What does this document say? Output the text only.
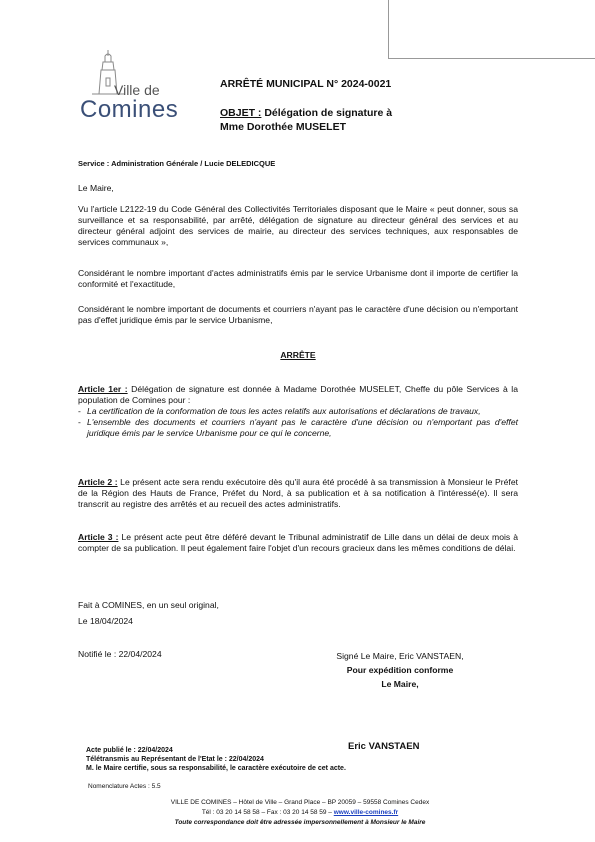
Ville de
Comines
ARRÊTÉ MUNICIPAL N° 2024-0021
OBJET : Délégation de signature à
Mme Dorothée MUSELET
Service : Administration Générale / Lucie DELEDICQUE
Le Maire,
Vu l'article L2122-19 du Code Général des Collectivités Territoriales disposant que le Maire « peut donner, sous sa surveillance et sa responsabilité, par arrêté, délégation de signature au directeur général des services et au directeur général adjoint des services de mairie, au directeur des services techniques, aux responsables de services communaux »,
Considérant le nombre important d'actes administratifs émis par le service Urbanisme dont il importe de certifier la conformité et l'exactitude,
Considérant le nombre important de documents et courriers n'ayant pas le caractère d'une décision ou n'emportant pas d'effet juridique émis par le service Urbanisme,
ARRÊTE
Article 1er : Délégation de signature est donnée à Madame Dorothée MUSELET, Cheffe du pôle Services à la population de Comines pour :
- La certification de la conformation de tous les actes relatifs aux autorisations et déclarations de travaux,
- L'ensemble des documents et courriers n'ayant pas le caractère d'une décision ou n'emportant pas d'effet juridique émis par le service Urbanisme pour ce qui le concerne,
Article 2 : Le présent acte sera rendu exécutoire dès qu'il aura été procédé à sa transmission à Monsieur le Préfet de la Région des Hauts de France, Préfet du Nord, à sa publication et à sa notification à l'intéressé(e). Il sera transcrit au registre des arrêtés et au recueil des actes administratifs.
Article 3 : Le présent acte peut être déféré devant le Tribunal administratif de Lille dans un délai de deux mois à compter de sa publication. Il peut également faire l'objet d'un recours gracieux dans les mêmes conditions de délai.
Fait à COMINES, en un seul original,
Le 18/04/2024
Notifié le : 22/04/2024	Signé Le Maire, Eric VANSTAEN,
Pour expédition conforme
Le Maire,
Eric VANSTAEN
Acte publié le : 22/04/2024
Télétransmis au Représentant de l'Etat le : 22/04/2024
M. le Maire certifie, sous sa responsabilité, le caractère exécutoire de cet acte.
Nomenclature Actes : 5.5
VILLE DE COMINES – Hôtel de Ville – Grand Place – BP 20059 – 59558 Comines Cedex
Tél : 03 20 14 58 58 – Fax : 03 20 14 58 59 – www.ville-comines.fr
Toute correspondance doit être adressée impersonnellement à Monsieur le Maire
